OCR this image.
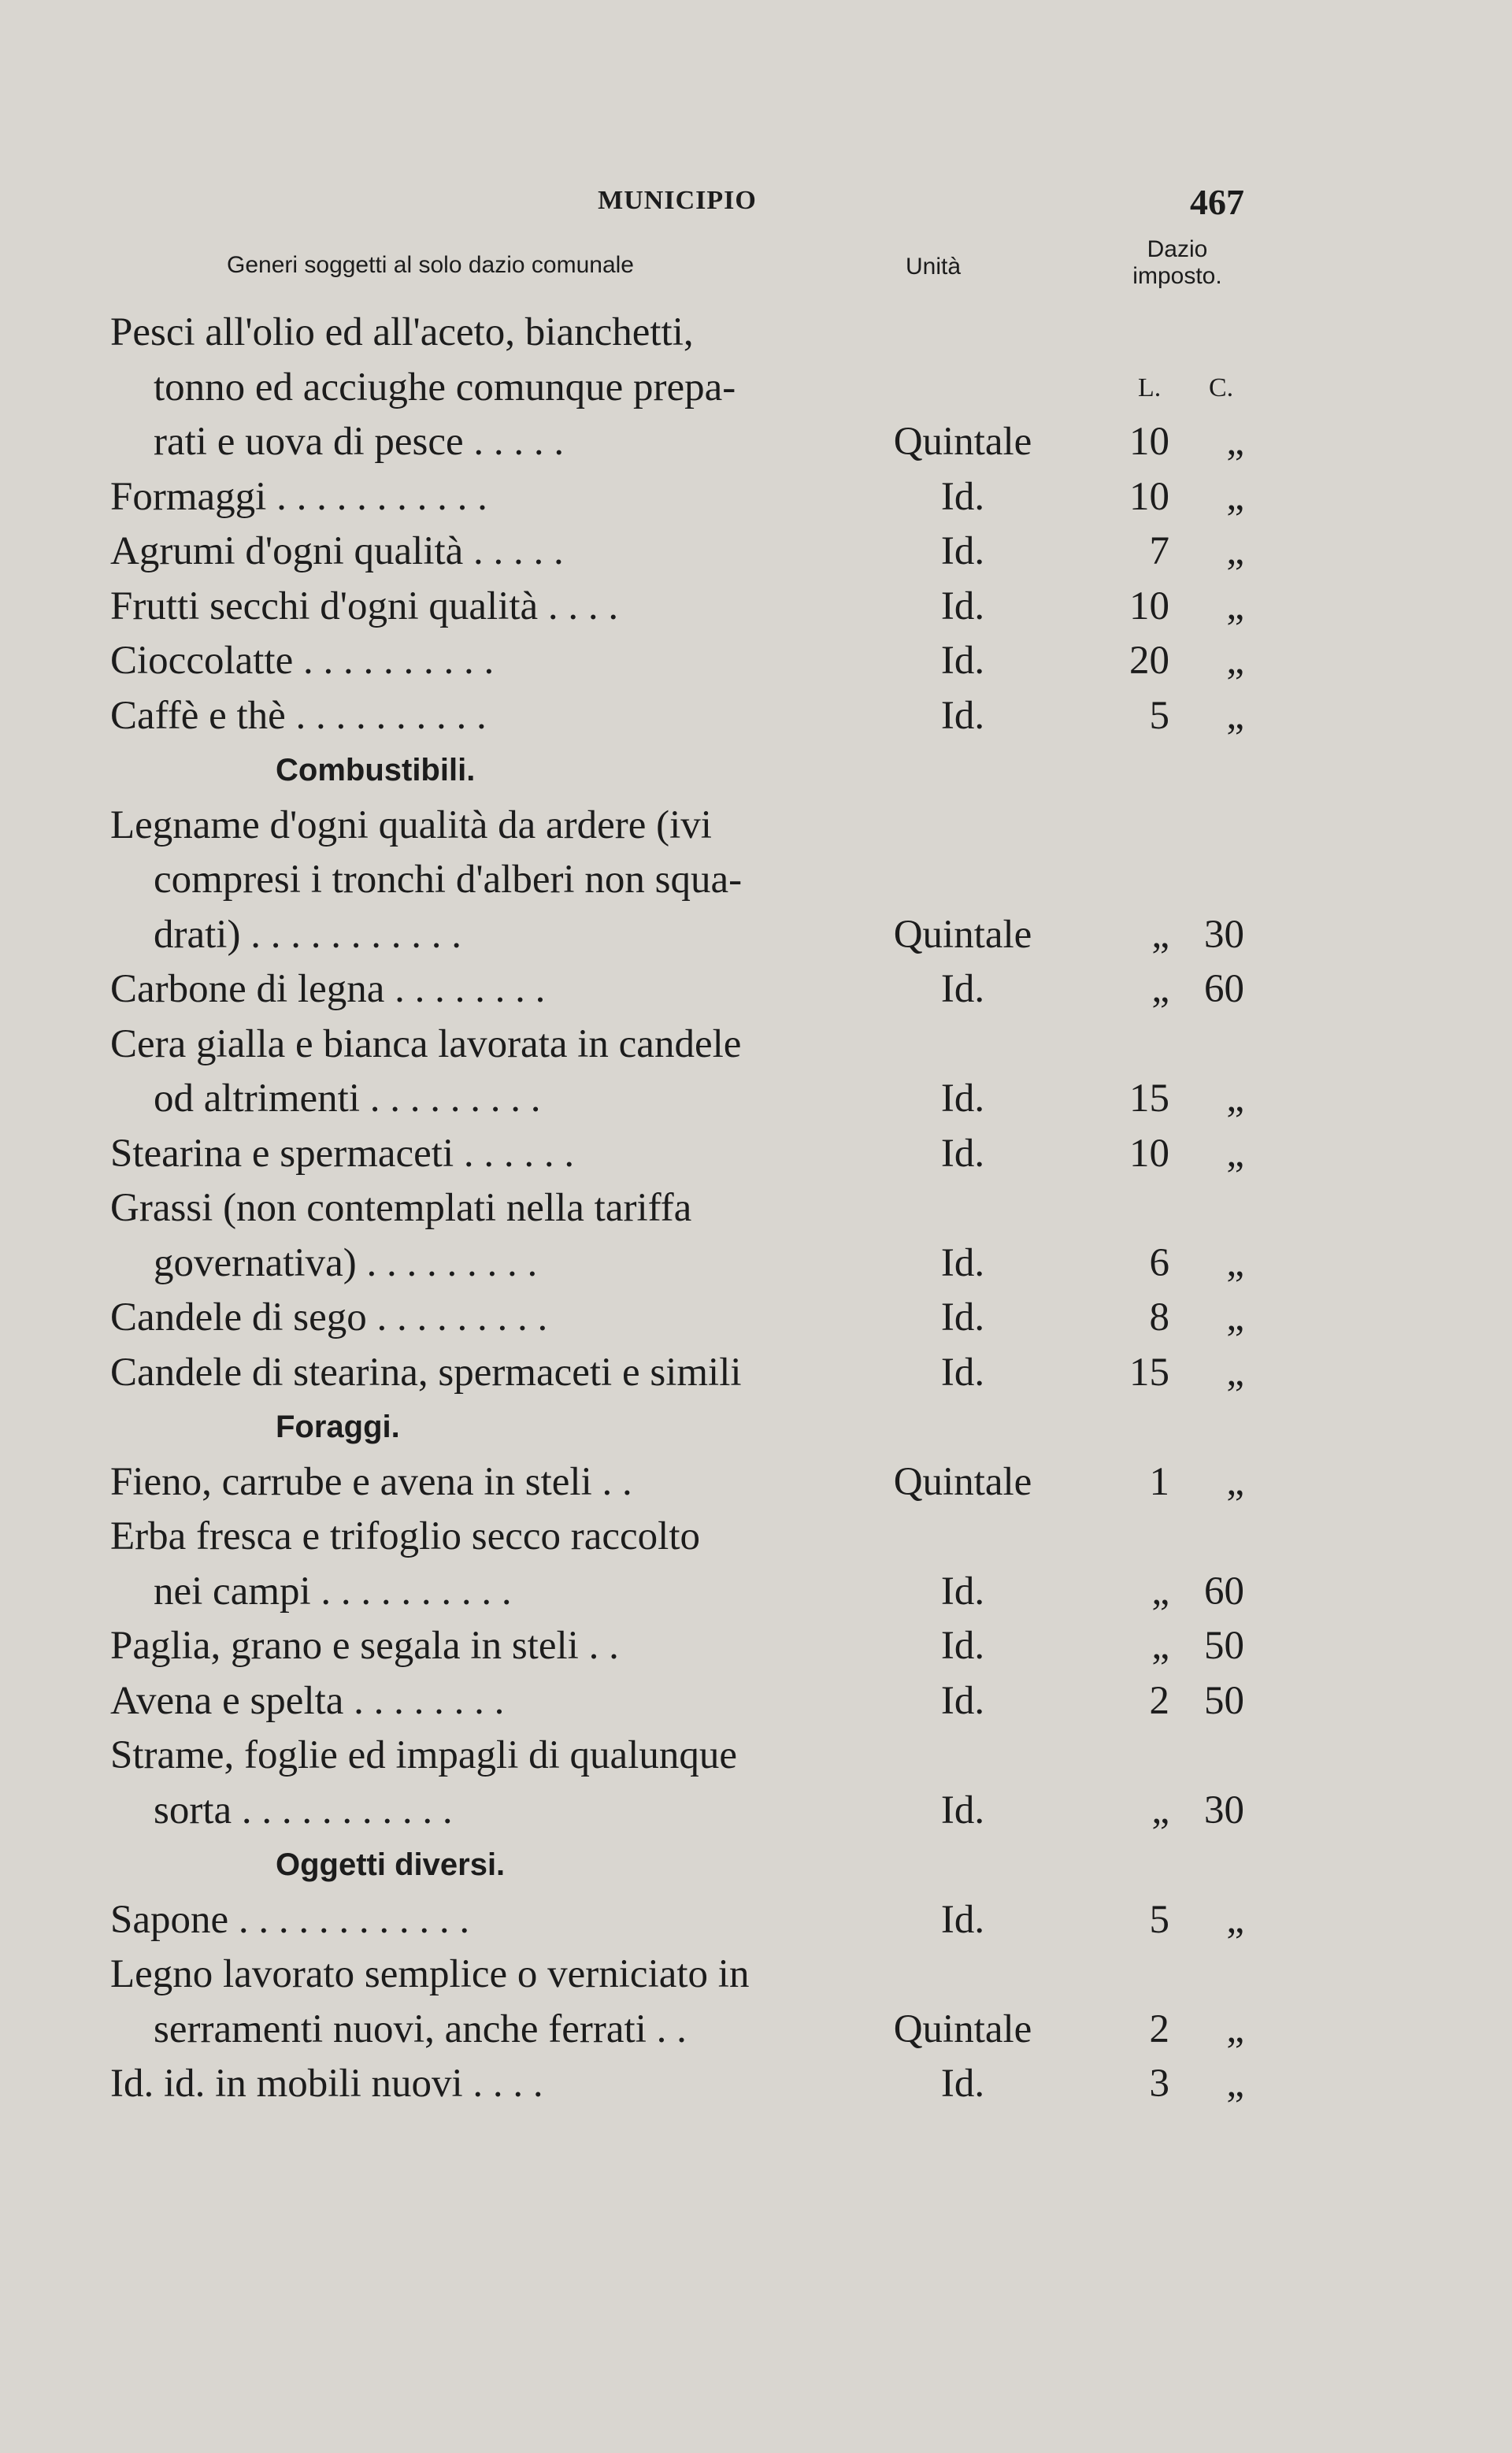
MUNICIPIO	467
Generi soggetti al solo dazio comunale	Unità
Dazio imposto.
Pesci all'olio ed all'aceto, bianchetti,
tonno ed acciughe comunque prepa-	L. C.
rati e uova di pesce . . . . .	Quintale	10	„
Formaggi . . . . . . . . . . .	Id.	10	„
Agrumi d'ogni qualità . . . . .	Id.	7	„
Frutti secchi d'ogni qualità . . . .	Id.	10	„
Cioccolatte . . . . . . . . . .	Id.	20	„
Caffè e thè . . . . . . . . . .	Id.	5	„
Combustibili.
Legname d'ogni qualità da ardere (ivi
compresi i tronchi d'alberi non squa-
drati) . . . . . . . . . . .	Quintale	„ 30
Carbone di legna . . . . . . . .	Id.	„ 60
Cera gialla e bianca lavorata in candele
od altrimenti . . . . . . . . .	Id.	15	„
Stearina e spermaceti . . . . . .	Id.	10	„
Grassi (non contemplati nella tariffa
governativa) . . . . . . . . .	Id.	6	„
Candele di sego . . . . . . . . .	Id.	8	„
Candele di stearina, spermaceti e simili	Id.	15	„
Foraggi.
Fieno, carrube e avena in steli . .	Quintale	1	„
Erba fresca e trifoglio secco raccolto
nei campi . . . . . . . . . .	Id.	„ 60
Paglia, grano e segala in steli . .	Id.	„ 50
Avena e spelta . . . . . . . .	Id.	2 50
Strame, foglie ed impagli di qualunque
sorta . . . . . . . . . . .	Id.	„ 30
Oggetti diversi.
Sapone . . . . . . . . . . . .	Id.	5	„
Legno lavorato semplice o verniciato in
serramenti nuovi, anche ferrati . .	Quintale	2	„
Id. id. in mobili nuovi . . . .	Id.	3	„
